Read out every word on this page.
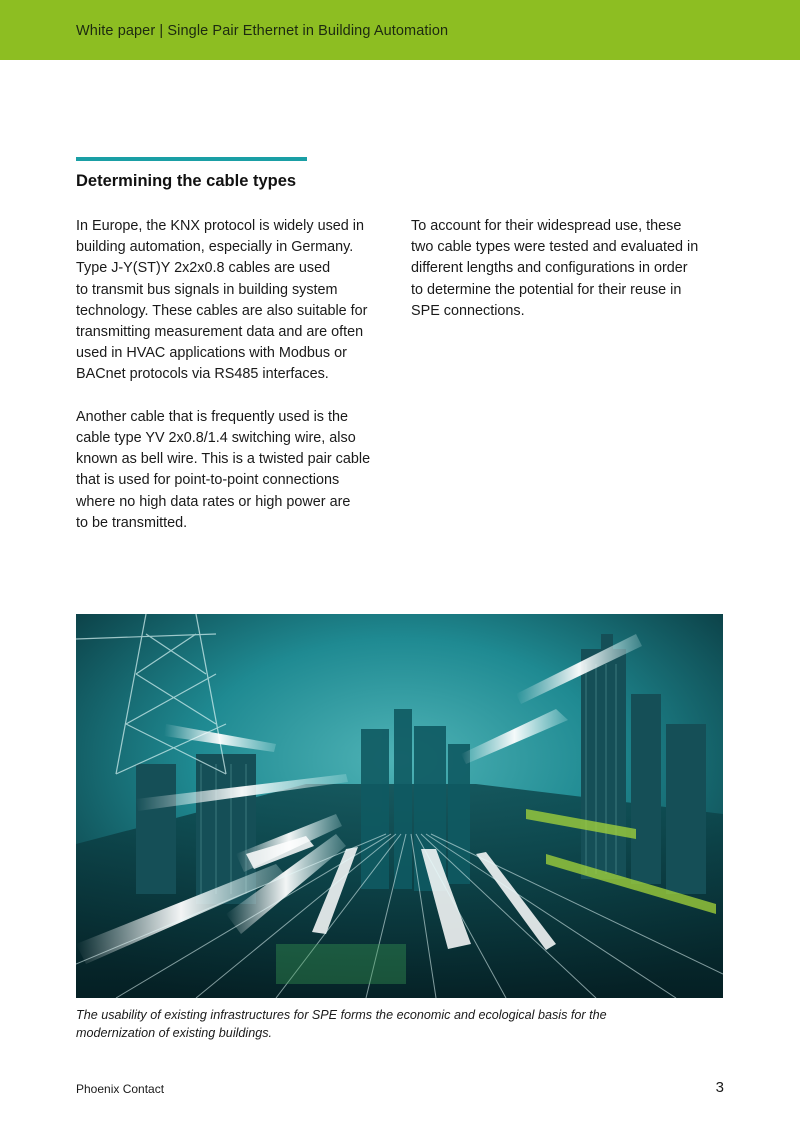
White paper | Single Pair Ethernet in Building Automation
Determining the cable types

In Europe, the KNX protocol is widely used in
building automation, especially in Germany.
Type J-Y(ST)Y 2x2x0.8 cables are used
to transmit bus signals in building system
technology. These cables are also suitable for
transmitting measurement data and are often
used in HVAC applications with Modbus or
BACnet protocols via RS485 interfaces.

Another cable that is frequently used is the
cable type YV 2x0.8/1.4 switching wire, also
known as bell wire. This is a twisted pair cable
that is used for point-to-point connections
where no high data rates or high power are
to be transmitted.

To account for their widespread use, these
two cable types were tested and evaluated in
different lengths and configurations in order
to determine the potential for their reuse in
SPE connections.

The usability of existing infrastructures for SPE forms the economic and ecological basis for the
modernization of existing buildings.
Phoenix Contact	3
